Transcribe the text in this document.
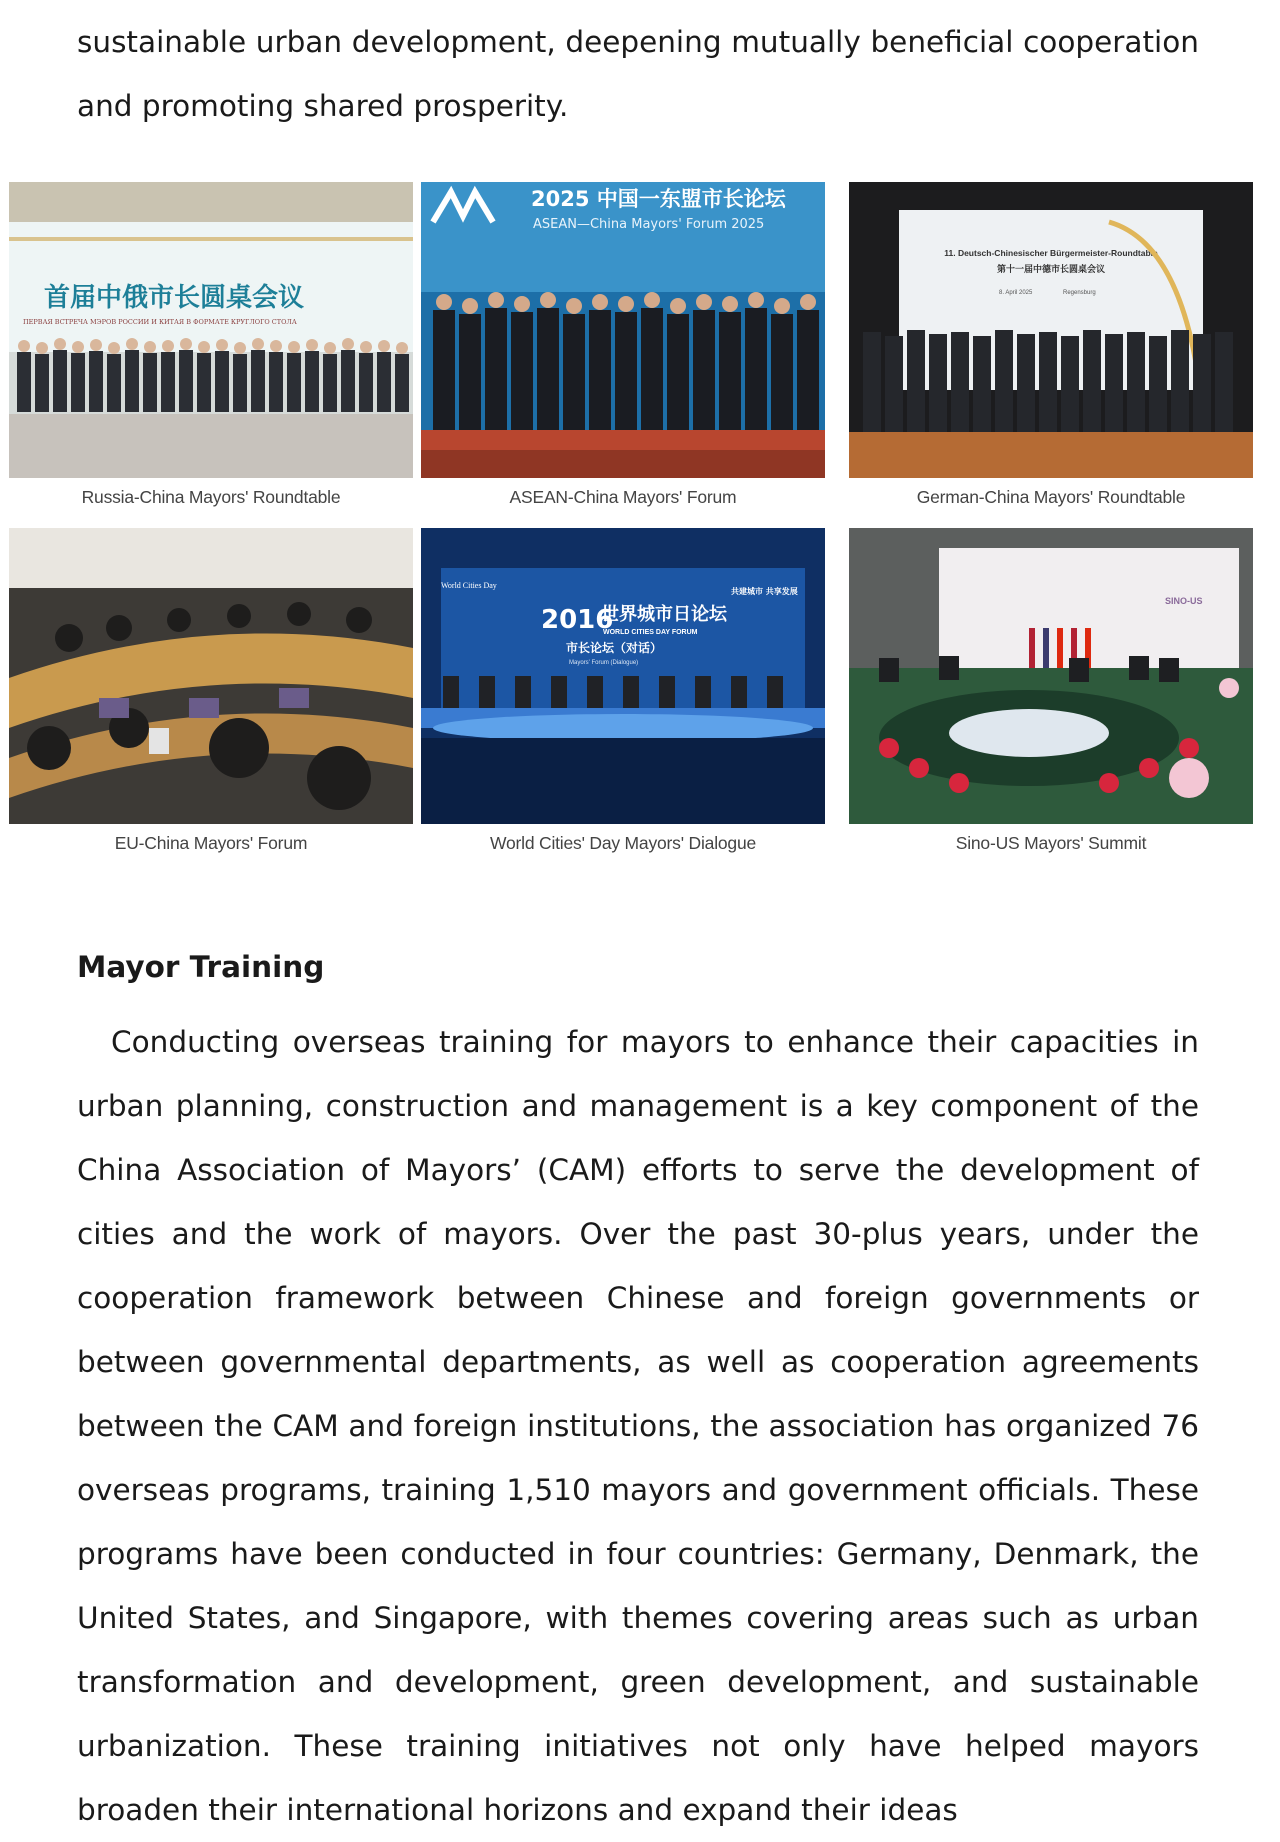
sustainable urban development, deepening mutually beneficial cooperation and promoting shared prosperity.

首届中俄市长圆桌会议
ПЕРВАЯ ВСТРЕЧА МЭРОВ РОССИИ И КИТАЯ В ФОРМАТЕ КРУГЛОГО СТОЛА
Russia-China Mayors' Roundtable
2025 中国一东盟市长论坛
ASEAN—China Mayors' Forum 2025
ASEAN-China Mayors' Forum
11. Deutsch-Chinesischer Bürgermeister-Roundtable
第十一届中德市长圆桌会议
8. April 2025	Regensburg
German-China Mayors' Roundtable
EU-China Mayors' Forum
World Cities Day
2016
世界城市日论坛
WORLD CITIES DAY FORUM
市长论坛（对话）
Mayors' Forum (Dialogue)
共建城市 共享发展
World Cities' Day Mayors' Dialogue
SINO-US
Sino-US Mayors' Summit
Mayor Training

Conducting overseas training for mayors to enhance their capacities in urban planning, construction and management is a key component of the China Association of Mayors’ (CAM) efforts to serve the development of cities and the work of mayors. Over the past 30-plus years, under the cooperation framework between Chinese and foreign governments or between governmental departments, as well as cooperation agreements between the CAM and foreign institutions, the association has organized 76 overseas programs, training 1,510 mayors and government officials. These programs have been conducted in four countries: Germany, Denmark, the United States, and Singapore, with themes covering areas such as urban transformation and development, green development, and sustainable urbanization. These training initiatives not only have helped mayors broaden their international horizons and expand their ideas
